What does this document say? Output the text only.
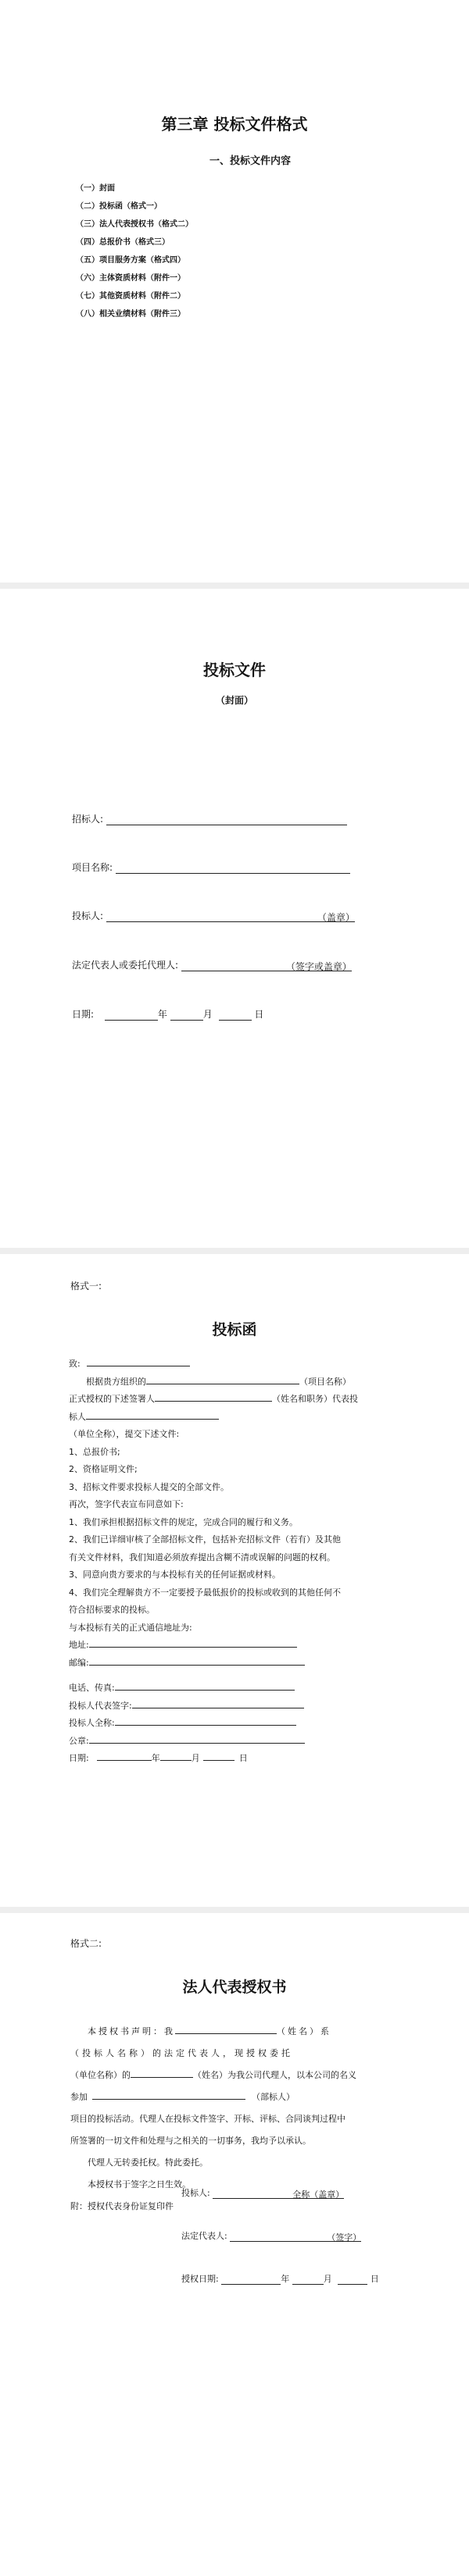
第三章 投标文件格式
一、投标文件内容
（一）封面
（二）投标函（格式一）
（三）法人代表授权书（格式二）
（四）总报价书（格式三）
（五）项目服务方案（格式四）
（六）主体资质材料（附件一）
（七）其他资质材料（附件二）
（八）相关业绩材料（附件三）
投标文件
（封面）
招标人:
项目名称:
投标人:	（盖章）
法定代表人或委托代理人:	（签字或盖章）
日期:	年	月	日
格式一:
投标函

致:

根据贵方组织的	（项目名称）

正式授权的下述签署人	（姓名和职务）代表投

标人

（单位全称），提交下述文件:

1、总报价书;

2、资格证明文件;

3、招标文件要求投标人提交的全部文件。

再次，签字代表宣布同意如下:

1、我们承担根据招标文件的规定，完成合同的履行和义务。

2、我们已详细审核了全部招标文件，包括补充招标文件（若有）及其他

有关文件材料，我们知道必须放弃提出含糊不清或误解的问题的权利。

3、同意向贵方要求的与本投标有关的任何证据或材料。

4、我们完全理解贵方不一定要授予最低报价的投标或收到的其他任何不

符合招标要求的投标。

与本投标有关的正式通信地址为:

地址:

邮编:

电话、传真:

投标人代表签字:

投标人全称:

公章:

日期:	年	月	日

格式二:
法人代表授权书

本授权书声明：我	（姓名）系

（投标人名称）的法定代表人，现授权委托

（单位名称）的	（姓名）为我公司代理人，以本公司的名义

参加	（部标人）

项目的投标活动。代理人在投标文件签字、开标、评标、合同谈判过程中

所签署的一切文件和处理与之相关的一切事务，我均予以承认。

代理人无转委托权。特此委托。

本授权书于签字之日生效。

附：授权代表身份证复印件

投标人:	全称（盖章）
法定代表人:	（签字）
授权日期:	年	月	日
